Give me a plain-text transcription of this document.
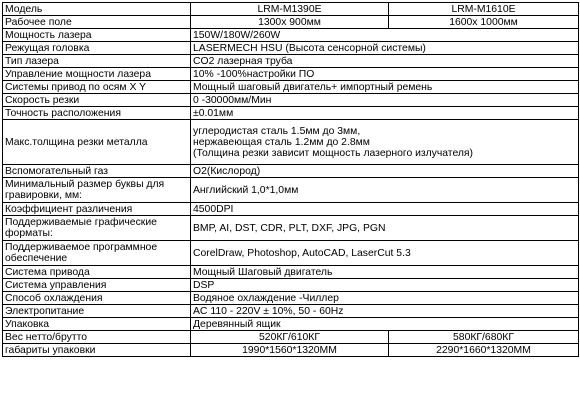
Модель	LRM-M1390E	LRM-M1610E
Рабочее поле	1300x 900мм	1600x 1000мм
Мощность лазера	150W/180W/260W	
Режущая головка	LASERMECH HSU (Высота сенсорной системы)	
Тип лазера	CO2 лазерная труба	
Управление мощности лазера	10% -100%настройки ПО	
Системы привод по осям X Y	Мощный шаговый двигатель+ импортный ремень	
Скорость резки	0 -30000мм/Мин	
Точность расположения	±0.01мм	
Макс.толщина резки металла	углеродистая сталь 1.5мм до 3мм,
нержавеющая сталь 1.2мм до 2.8мм
(Толщина резки зависит мощность лазерного излучателя)	

Вспомогательный газ	O2(Кислород)	
Минимальный размер буквы для гравировки, мм:	Английский 1,0*1,0мм	
Коэффициент различения	4500DPI	
Поддерживаемые графические форматы:	BMP, AI, DST, CDR, PLT, DXF, JPG, PGN	
Поддерживаемое программное обеспечение	CorelDraw, Photoshop, AutoCAD, LaserCut 5.3	
Система привода	Мощный Шаговый двигатель	
Система управления	DSP	
Способ охлаждения	Водяное охлаждение -Чиллер	
Электропитание	AC 110 - 220V ± 10%, 50 - 60Hz	
Упаковка	Деревянный ящик	
Вес нетто/брутто	520КГ/610КГ	580КГ/680КГ
габариты упаковки	1990*1560*1320ММ	2290*1660*1320ММ
